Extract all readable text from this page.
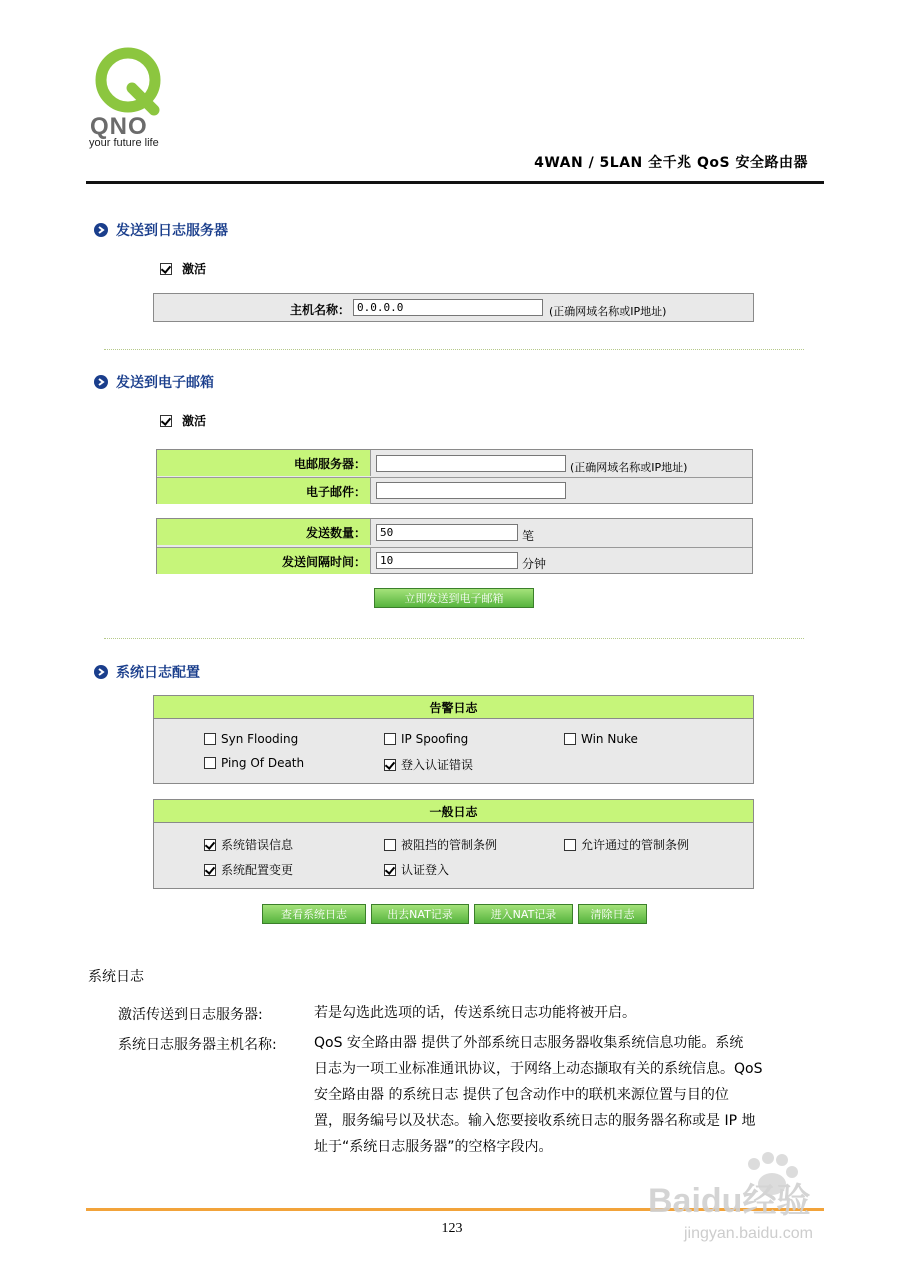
QNO
your future life
4WAN / 5LAN 全千兆 QoS 安全路由器
发送到日志服务器
激活
主机名称： 0.0.0.0	(正确网域名称或IP地址)
发送到电子邮箱
激活
电邮服务器：	(正确网域名称或IP地址)
电子邮件：
发送数量：	50	笔
发送间隔时间：	10	分钟
立即发送到电子邮箱
系统日志配置
告警日志
Syn Flooding	IP Spoofing	Win Nuke
Ping Of Death	登入认证错误
一般日志
系统错误信息	被阻挡的管制条例	允许通过的管制条例
系统配置变更	认证登入
查看系统日志	出去NAT记录	进入NAT记录	清除日志
系统日志
激活传送到日志服务器:	若是勾选此选项的话，传送系统日志功能将被开启。
系统日志服务器主机名称:	QoS 安全路由器 提供了外部系统日志服务器收集系统信息功能。系统
日志为一项工业标准通讯协议，于网络上动态撷取有关的系统信息。QoS
安全路由器 的系统日志 提供了包含动作中的联机来源位置与目的位
置，服务编号以及状态。输入您要接收系统日志的服务器名称或是 IP 地
址于“系统日志服务器”的空格字段内。
123
Baidu经验
jingyan.baidu.com
